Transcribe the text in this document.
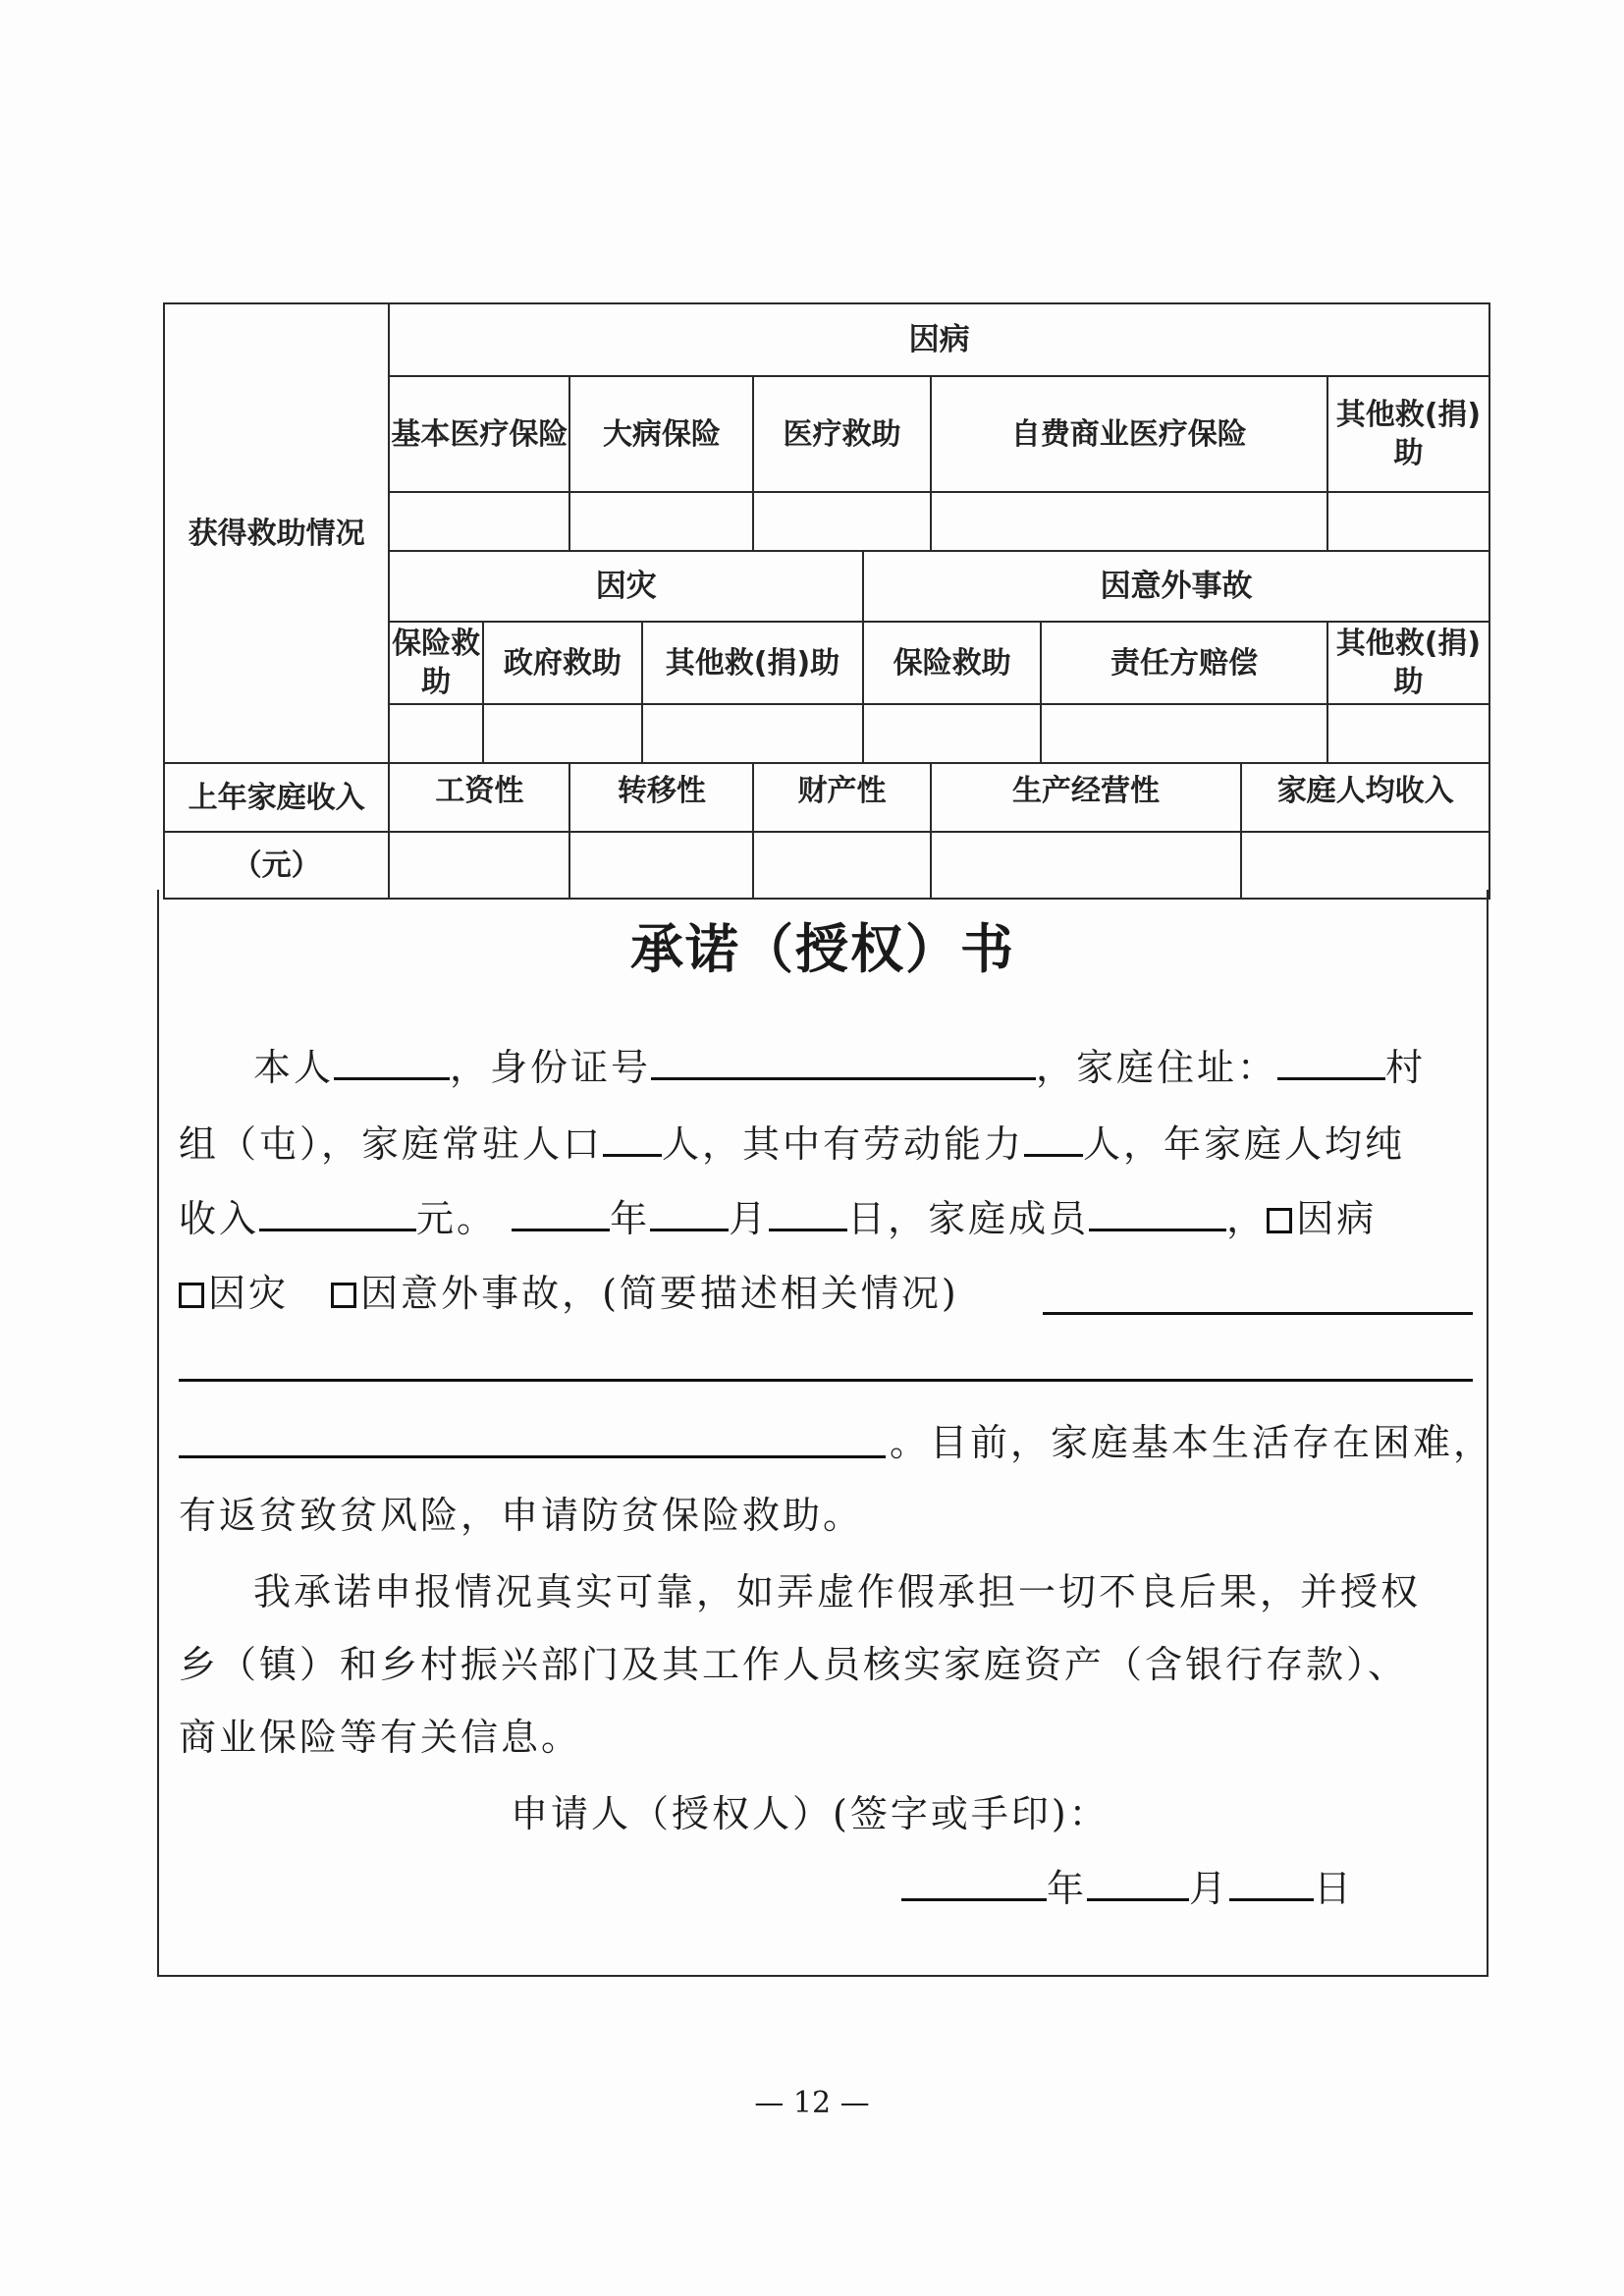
获得救助情况	因病									
	基本医疗保险		大病保险		医疗救助		自费商业医疗保险			其他救(捐)助

	因灾					因意外事故				
	保险救助	政府救助		其他救(捐)助		保险救助		责任方赔偿		其他救(捐)助

上年家庭收入	工资性		转移性		财产性		生产经营性		家庭人均收入	
（元）										
承诺（授权）书
本人	，身份证号	，家庭住址：	村
组（屯），家庭常驻人口 人，其中有劳动能力 人，年家庭人均纯
收入	元。	年 月 日，家庭成员	， 因病
因灾 因意外事故，(简要描述相关情况)
。目前，家庭基本生活存在困难，
有返贫致贫风险，申请防贫保险救助。
我承诺申报情况真实可靠，如弄虚作假承担一切不良后果，并授权
乡（镇）和乡村振兴部门及其工作人员核实家庭资产（含银行存款）、
商业保险等有关信息。
申请人（授权人）(签字或手印)：
年	月 日
— 12 —
